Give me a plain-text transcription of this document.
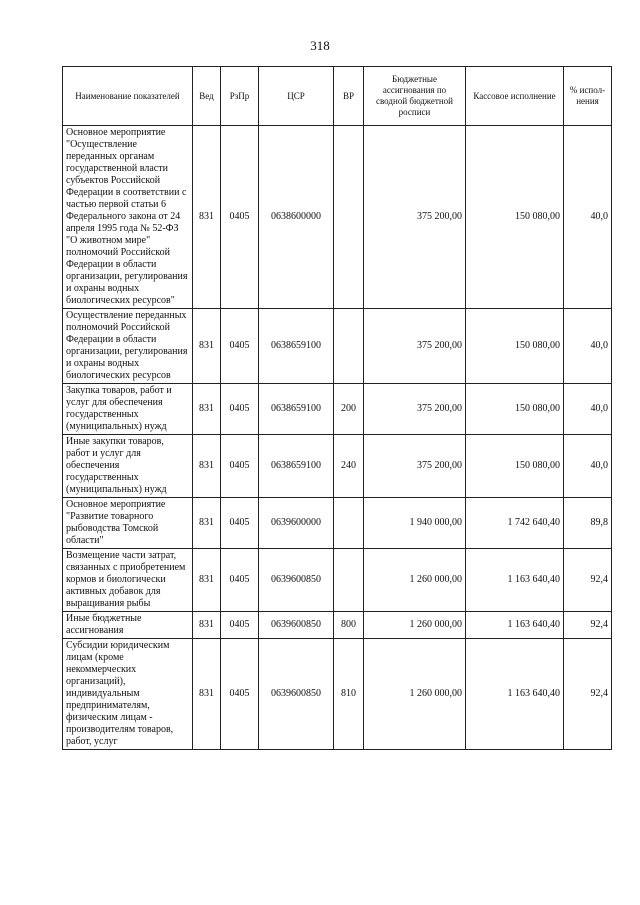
318
Наименование показателей	Вед	РзПр	ЦСР	ВР	Бюджетные ассигнования по сводной бюджетной росписи	Кассовое исполнение	% испол-нения
Основное мероприятие "Осуществление переданных органам государственной власти субъектов Российской Федерации в соответствии с частью первой статьи 6 Федерального закона от 24 апреля 1995 года № 52-ФЗ "О животном мире" полномочий Российской Федерации в области организации, регулирования и охраны водных биологических ресурсов"	831	0405	0638600000		375 200,00	150 080,00	40,0
Осуществление переданных полномочий Российской Федерации в области организации, регулирования и охраны водных биологических ресурсов	831	0405	0638659100		375 200,00	150 080,00	40,0
Закупка товаров, работ и услуг для обеспечения государственных (муниципальных) нужд	831	0405	0638659100	200	375 200,00	150 080,00	40,0
Иные закупки товаров, работ и услуг для обеспечения государственных (муниципальных) нужд	831	0405	0638659100	240	375 200,00	150 080,00	40,0
Основное мероприятие "Развитие товарного рыбоводства Томской области"	831	0405	0639600000		1 940 000,00	1 742 640,40	89,8
Возмещение части затрат, связанных с приобретением кормов и биологически активных добавок для выращивания рыбы	831	0405	0639600850		1 260 000,00	1 163 640,40	92,4
Иные бюджетные ассигнования	831	0405	0639600850	800	1 260 000,00	1 163 640,40	92,4
Субсидии юридическим лицам (кроме некоммерческих организаций), индивидуальным предпринимателям, физическим лицам - производителям товаров, работ, услуг	831	0405	0639600850	810	1 260 000,00	1 163 640,40	92,4
